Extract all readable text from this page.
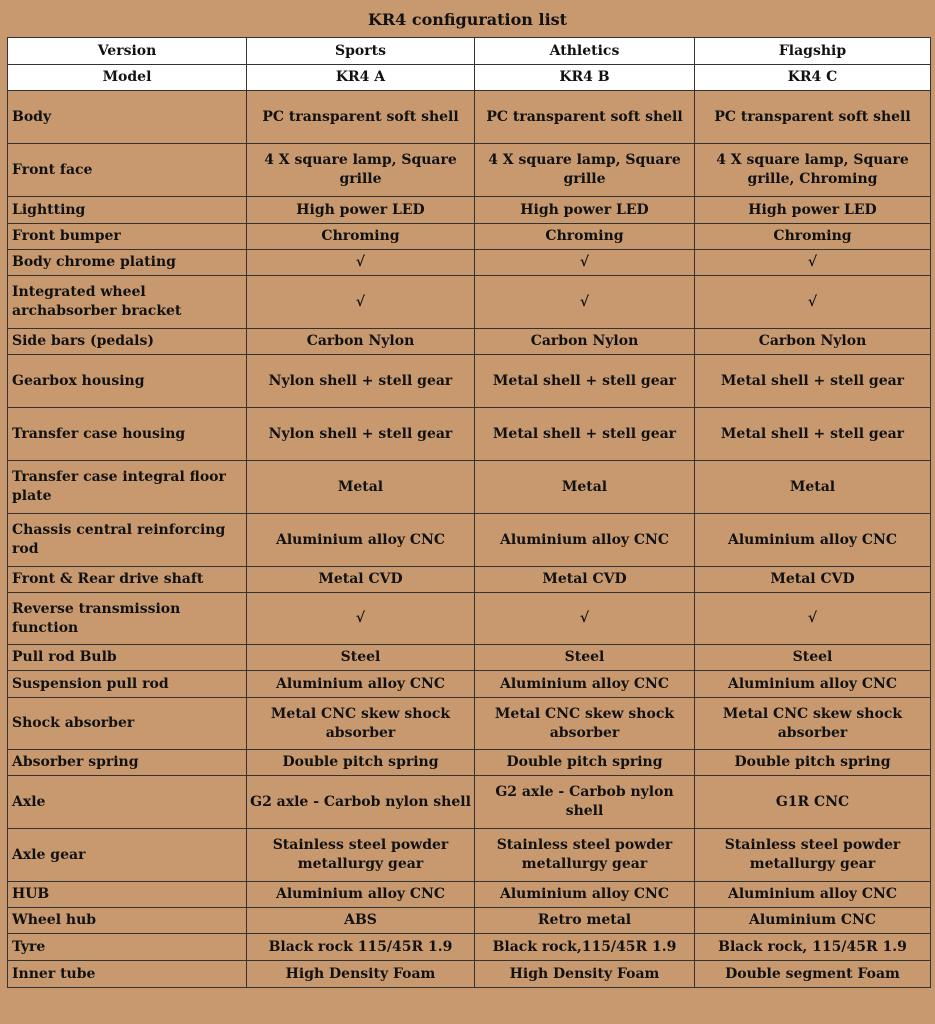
KR4 configuration list
Version	Sports	Athletics	Flagship
Model	KR4 A	KR4 B	KR4 C
Body	PC transparent soft shell	PC transparent soft shell	PC transparent soft shell
Front face	4 X square lamp, Square grille	4 X square lamp, Square grille	4 X square lamp, Square grille, Chroming
Lightting	High power LED	High power LED	High power LED
Front bumper	Chroming	Chroming	Chroming
Body chrome plating	√	√	√
Integrated wheel archabsorber bracket	√	√	√
Side bars (pedals)	Carbon Nylon	Carbon Nylon	Carbon Nylon
Gearbox housing	Nylon shell + stell gear	Metal shell + stell gear	Metal shell + stell gear
Transfer case housing	Nylon shell + stell gear	Metal shell + stell gear	Metal shell + stell gear
Transfer case integral floor plate	Metal	Metal	Metal
Chassis central reinforcing rod	Aluminium alloy CNC	Aluminium alloy CNC	Aluminium alloy CNC
Front & Rear drive shaft	Metal CVD	Metal CVD	Metal CVD
Reverse transmission function	√	√	√
Pull rod Bulb	Steel	Steel	Steel
Suspension pull rod	Aluminium alloy CNC	Aluminium alloy CNC	Aluminium alloy CNC
Shock absorber	Metal CNC skew shock absorber	Metal CNC skew shock absorber	Metal CNC skew shock absorber
Absorber spring	Double pitch spring	Double pitch spring	Double pitch spring
Axle	G2 axle - Carbob nylon shell	G2 axle - Carbob nylon shell	G1R CNC
Axle gear	Stainless steel powder metallurgy gear	Stainless steel powder metallurgy gear	Stainless steel powder metallurgy gear
HUB	Aluminium alloy CNC	Aluminium alloy CNC	Aluminium alloy CNC
Wheel hub	ABS	Retro metal	Aluminium CNC
Tyre	Black rock 115/45R 1.9	Black rock,115/45R 1.9	Black rock, 115/45R 1.9
Inner tube	High Density Foam	High Density Foam	Double segment Foam
